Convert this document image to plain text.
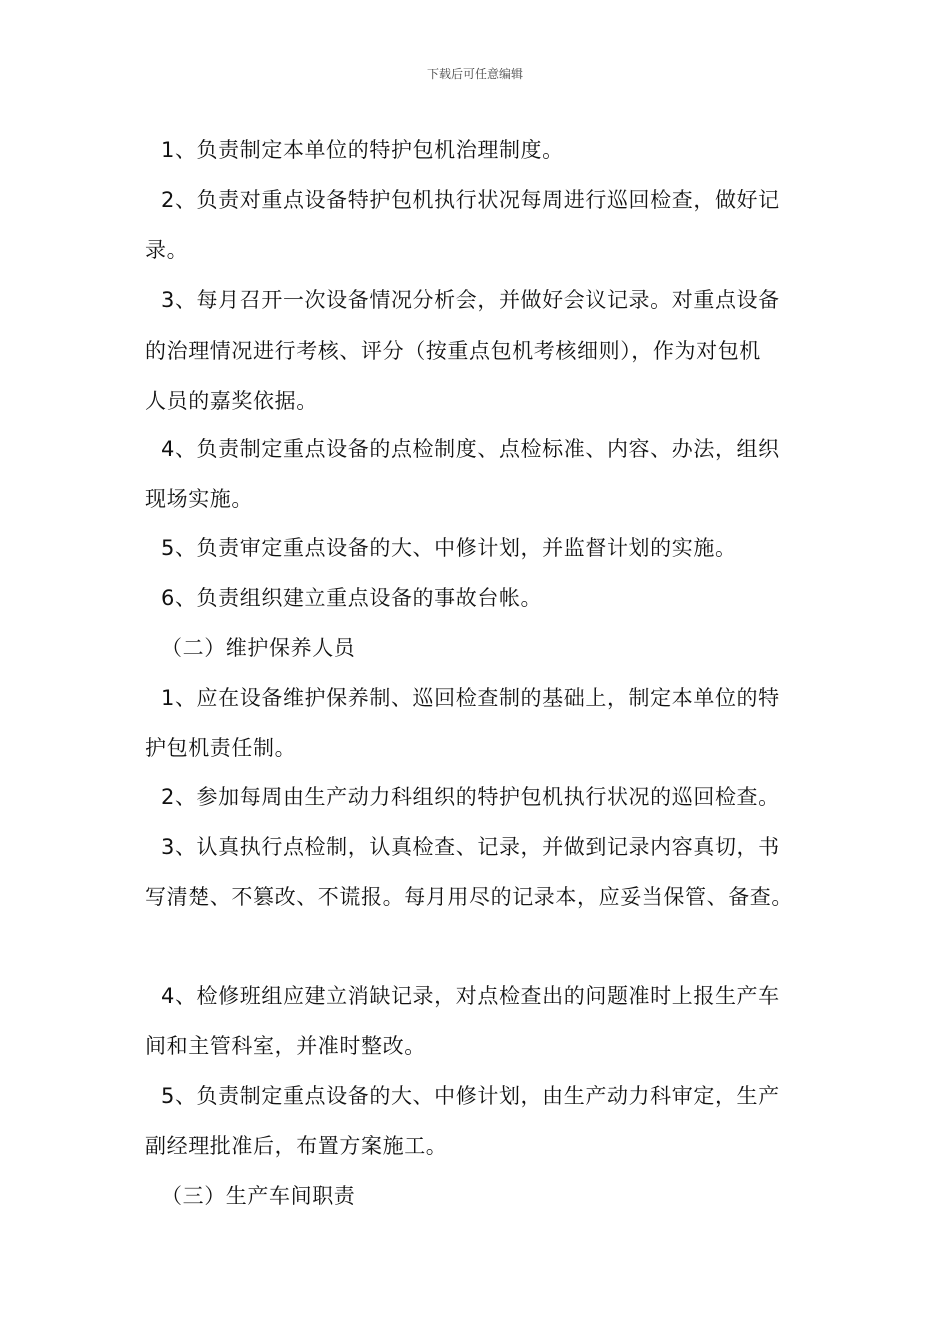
下载后可任意编辑
1、负责制定本单位的特护包机治理制度。
2、负责对重点设备特护包机执行状况每周进行巡回检查，做好记
录。
3、每月召开一次设备情况分析会，并做好会议记录。对重点设备
的治理情况进行考核、评分（按重点包机考核细则），作为对包机
人员的嘉奖依据。
4、负责制定重点设备的点检制度、点检标准、内容、办法，组织
现场实施。
5、负责审定重点设备的大、中修计划，并监督计划的实施。
6、负责组织建立重点设备的事故台帐。
（二）维护保养人员
1、应在设备维护保养制、巡回检查制的基础上，制定本单位的特
护包机责任制。
2、参加每周由生产动力科组织的特护包机执行状况的巡回检查。
3、认真执行点检制，认真检查、记录，并做到记录内容真切，书
写清楚、不篡改、不谎报。每月用尽的记录本，应妥当保管、备查。
4、检修班组应建立消缺记录，对点检查出的问题准时上报生产车
间和主管科室，并准时整改。
5、负责制定重点设备的大、中修计划，由生产动力科审定，生产
副经理批准后，布置方案施工。
（三）生产车间职责
